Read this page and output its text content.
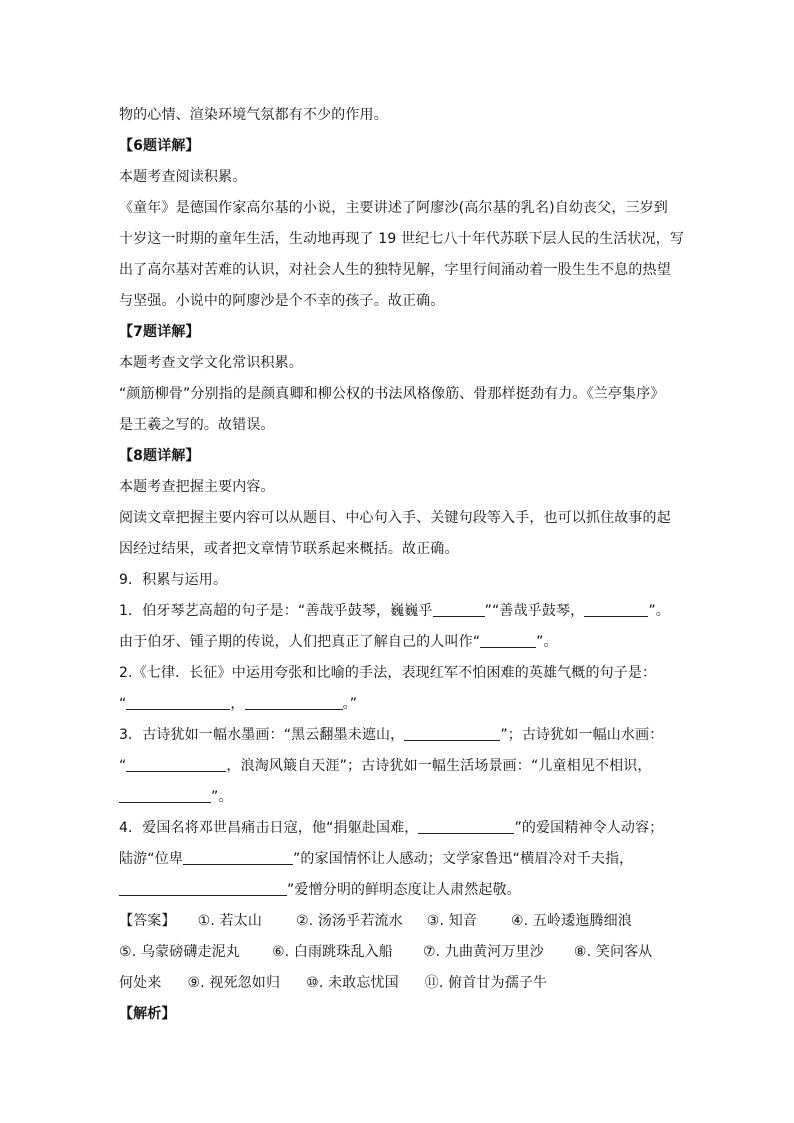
物的心情、渲染环境气氛都有不少的作用。
【6题详解】
本题考查阅读积累。
《童年》是德国作家高尔基的小说，主要讲述了阿廖沙(高尔基的乳名)自幼丧父，三岁到
十岁这一时期的童年生活，生动地再现了 19 世纪七八十年代苏联下层人民的生活状况，写
出了高尔基对苦难的认识，对社会人生的独特见解，字里行间涌动着一股生生不息的热望
与坚强。小说中的阿廖沙是个不幸的孩子。故正确。
【7题详解】
本题考查文学文化常识积累。
“颜筋柳骨”分别指的是颜真卿和柳公权的书法风格像筋、骨那样挺劲有力。《兰亭集序》
是王羲之写的。故错误。
【8题详解】
本题考查把握主要内容。
阅读文章把握主要内容可以从题目、中心句入手、关键句段等入手，也可以抓住故事的起
因经过结果，或者把文章情节联系起来概括。故正确。
9．积累与运用。
1．伯牙琴艺高超的句子是：“善哉乎鼓琴，巍巍乎	”“善哉乎鼓琴，	”。
由于伯牙、锺子期的传说，人们把真正了解自己的人叫作“	”。
2.《七律．长征》中运用夸张和比喻的手法，表现红军不怕困难的英雄气概的句子是：
“	，	。”
3．古诗犹如一幅水墨画：“黑云翻墨未遮山，	”；古诗犹如一幅山水画：
“	，浪淘风簸自天涯”；古诗犹如一幅生活场景画：“儿童相见不相识，
”。
4．爱国名将邓世昌痛击日寇，他“捐躯赴国难，	”的爱国精神令人动容；
陆游“位卑	”的家国情怀让人感动；文学家鲁迅“横眉冷对千夫指，
”爱憎分明的鲜明态度让人肃然起敬。
【答案】 ①. 若太山 ②. 汤汤乎若流水 ③. 知音 ④. 五岭逶迤腾细浪
⑤. 乌蒙磅礴走泥丸 ⑥. 白雨跳珠乱入船 ⑦. 九曲黄河万里沙 ⑧. 笑问客从
何处来 ⑨. 视死忽如归 ⑩. 未敢忘忧国 ⑪. 俯首甘为孺子牛
【解析】
